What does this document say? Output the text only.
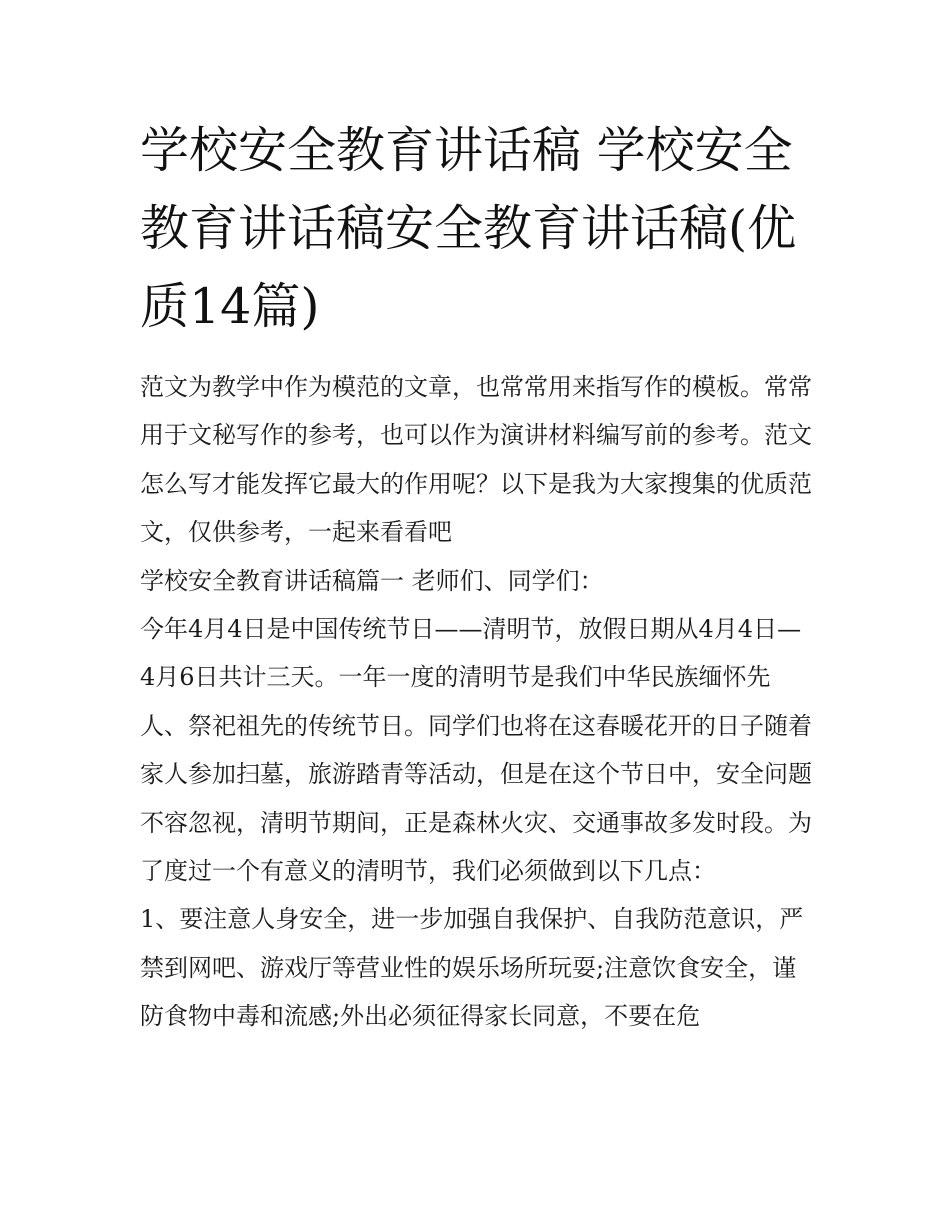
学校安全教育讲话稿 学校安全教育讲话稿安全教育讲话稿(优质14篇)

范文为教学中作为模范的文章，也常常用来指写作的模板。常常用于文秘写作的参考，也可以作为演讲材料编写前的参考。范文怎么写才能发挥它最大的作用呢？以下是我为大家搜集的优质范文，仅供参考，一起来看看吧

学校安全教育讲话稿篇一 老师们、同学们：

今年4月4日是中国传统节日——清明节，放假日期从4月4日—4月6日共计三天。一年一度的清明节是我们中华民族缅怀先人、祭祀祖先的传统节日。同学们也将在这春暖花开的日子随着家人参加扫墓，旅游踏青等活动，但是在这个节日中，安全问题不容忽视，清明节期间，正是森林火灾、交通事故多发时段。为了度过一个有意义的清明节，我们必须做到以下几点：

1、要注意人身安全，进一步加强自我保护、自我防范意识，严禁到网吧、游戏厅等营业性的娱乐场所玩耍;注意饮食安全，谨防食物中毒和流感;外出必须征得家长同意，不要在危
